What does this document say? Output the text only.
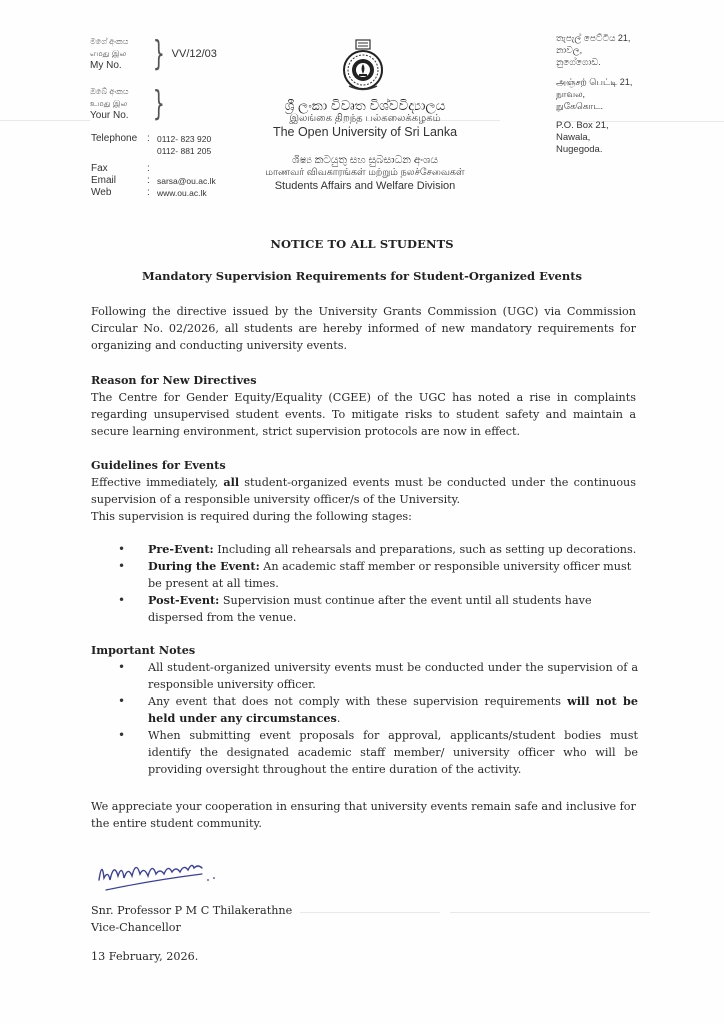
මගේ අංකය
எமது இல
My No. } VV/12/03
ඔබේ අංකය
உமது இல
Your No. }
Telephone : 0112- 823 920
0112- 881 205
Fax	:
Email	: sarsa@ou.ac.lk
Web	: www.ou.ac.lk
ශ්‍රී ලංකා විවෘත විශ්වවිද්‍යාලය
இலங்கை திறந்த பல்கலைக்கழகம்
The Open University of Sri Lanka
ශිෂ්‍ය කටයුතු සහ සුබසාධන අංශය
மாணவர் விவகாரங்கள் மற்றும் நலச்சேவைகள்
Students Affairs and Welfare Division
තැපැල් පෙට්ටිය 21,
නාවල,
නුගේගොඩ.
அஞ்சற் பெட்டி 21,
நாவல,
நுகேகொட.
P.O. Box 21,
Nawala,
Nugegoda.
NOTICE TO ALL STUDENTS
Mandatory Supervision Requirements for Student-Organized Events
Following the directive issued by the University Grants Commission (UGC) via Commission Circular No. 02/2026, all students are hereby informed of new mandatory requirements for organizing and conducting university events.
Reason for New Directives
The Centre for Gender Equity/Equality (CGEE) of the UGC has noted a rise in complaints regarding unsupervised student events. To mitigate risks to student safety and maintain a secure learning environment, strict supervision protocols are now in effect.
Guidelines for Events
Effective immediately, all student-organized events must be conducted under the continuous supervision of a responsible university officer/s of the University.
This supervision is required during the following stages:
• Pre-Event: Including all rehearsals and preparations, such as setting up decorations.
• During the Event: An academic staff member or responsible university officer must be present at all times.
• Post-Event: Supervision must continue after the event until all students have dispersed from the venue.
Important Notes
• All student-organized university events must be conducted under the supervision of a responsible university officer.
• Any event that does not comply with these supervision requirements will not be held under any circumstances.
• When submitting event proposals for approval, applicants/student bodies must identify the designated academic staff member/ university officer who will be providing oversight throughout the entire duration of the activity.
We appreciate your cooperation in ensuring that university events remain safe and inclusive for the entire student community.
Snr. Professor P M C Thilakerathne
Vice-Chancellor
13 February, 2026.
